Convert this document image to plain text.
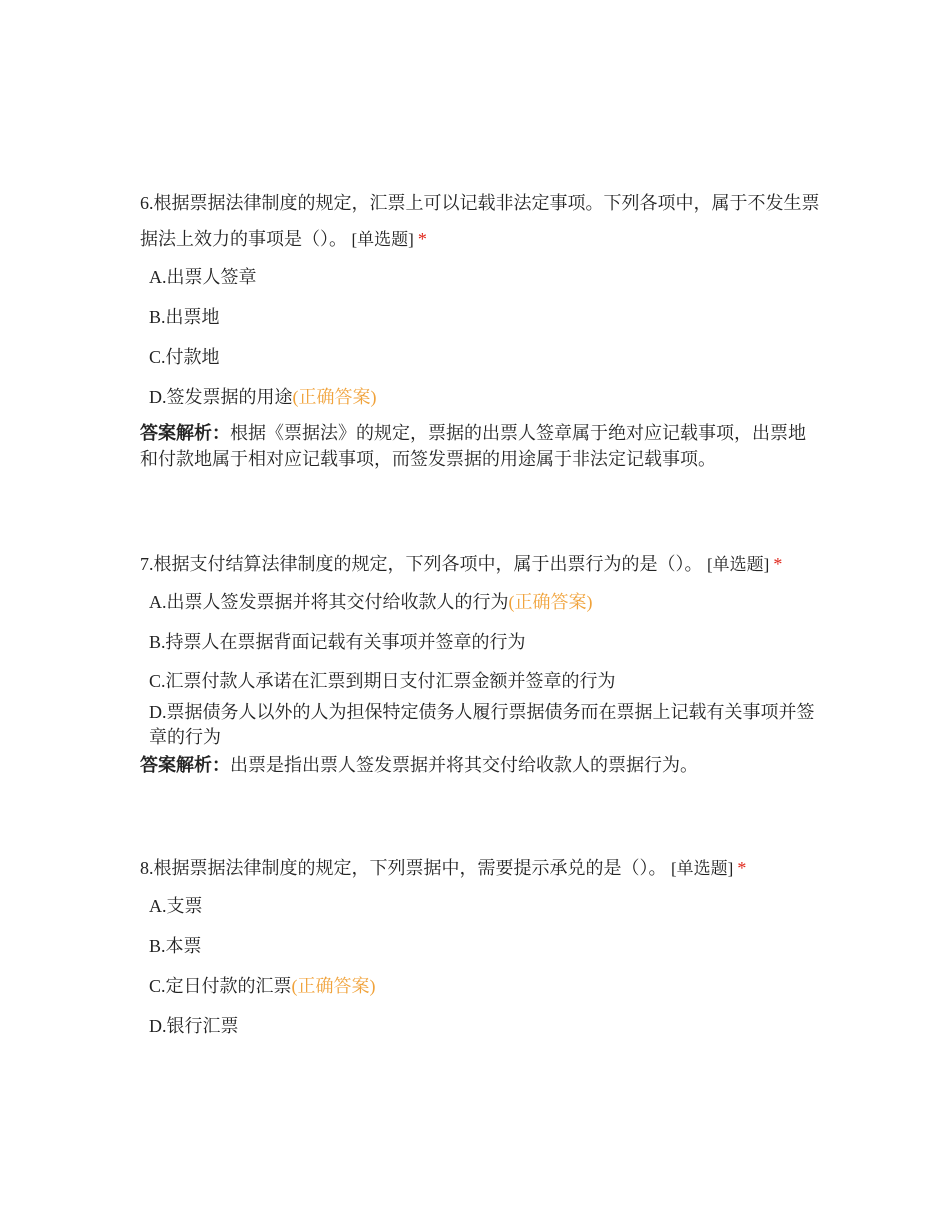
6.根据票据法律制度的规定，汇票上可以记载非法定事项。下列各项中，属于不发生票据法上效力的事项是（）。 [单选题] *

A.出票人签章
B.出票地
C.付款地
D.签发票据的用途(正确答案)

答案解析：根据《票据法》的规定，票据的出票人签章属于绝对应记载事项，出票地和付款地属于相对应记载事项，而签发票据的用途属于非法定记载事项。

7.根据支付结算法律制度的规定，下列各项中，属于出票行为的是（）。 [单选题] *

A.出票人签发票据并将其交付给收款人的行为(正确答案)
B.持票人在票据背面记载有关事项并签章的行为
C.汇票付款人承诺在汇票到期日支付汇票金额并签章的行为
D.票据债务人以外的人为担保特定债务人履行票据债务而在票据上记载有关事项并签章的行为

答案解析：出票是指出票人签发票据并将其交付给收款人的票据行为。

8.根据票据法律制度的规定，下列票据中，需要提示承兑的是（）。 [单选题] *

A.支票
B.本票
C.定日付款的汇票(正确答案)
D.银行汇票
